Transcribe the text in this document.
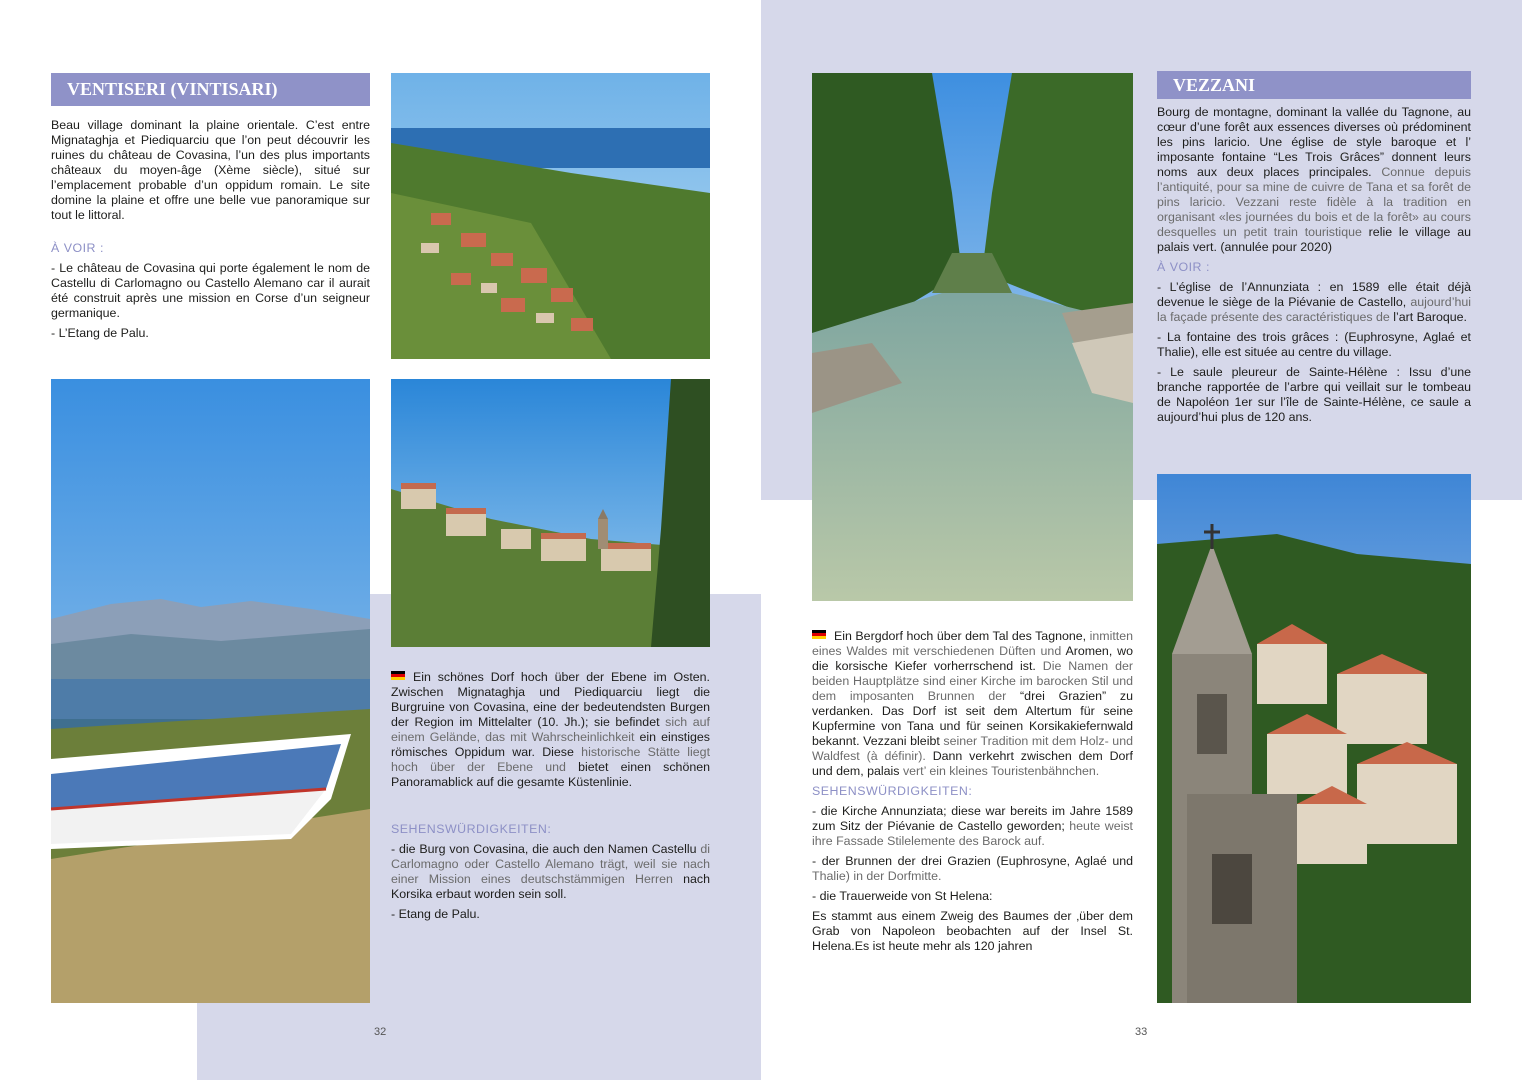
VENTISERI (VINTISARI)

Beau village dominant la plaine orientale. C’est entre Mignataghja et Piediquarciu que l’on peut découvrir les ruines du château de Covasina, l’un des plus importants châteaux du moyen-âge (Xème siècle), situé sur l’emplacement probable d’un oppidum romain. Le site domine la plaine et offre une belle vue panoramique sur tout le littoral.

À VOIR :

- Le château de Covasina qui porte également le nom de Castellu di Carlomagno ou Castello Alemano car il aurait été construit après une mission en Corse d’un seigneur germanique.

- L’Etang de Palu.

Ein schönes Dorf hoch über der Ebene im Osten. Zwischen Mignataghja und Piediquarciu liegt die Burgruine von Covasina, eine der bedeutendsten Burgen der Region im Mittelalter (10. Jh.); sie befindet sich auf einem Gelände, das mit Wahrscheinlichkeit ein einstiges römisches Oppidum war. Diese historische Stätte liegt hoch über der Ebene und bietet einen schönen Panoramablick auf die gesamte Küstenlinie.

SEHENSWÜRDIGKEITEN:

- die Burg von Covasina, die auch den Namen Castellu di Carlomagno oder Castello Alemano trägt, weil sie nach einer Mission eines deutschstämmigen Herren nach Korsika erbaut worden sein soll.

- Etang de Palu.

32
VEZZANI

Bourg de montagne, dominant la vallée du Tagnone, au cœur d’une forêt aux essences diverses où prédominent les pins laricio. Une église de style baroque et l’ imposante fontaine “Les Trois Grâces” donnent leurs noms aux deux places principales. Connue depuis l’antiquité, pour sa mine de cuivre de Tana et sa forêt de pins laricio. Vezzani reste fidèle à la tradition en organisant «les journées du bois et de la forêt» au cours desquelles un petit train touristique relie le village au palais vert. (annulée pour 2020)

À VOIR :

- L’église de l’Annunziata : en 1589 elle était déjà devenue le siège de la Piévanie de Castello, aujourd’hui la façade présente des caractéristiques de l’art Baroque.

- La fontaine des trois grâces : (Euphrosyne, Aglaé et Thalie), elle est située au centre du village.

- Le saule pleureur de Sainte-Hélène : Issu d’une branche rapportée de l’arbre qui veillait sur le tombeau de Napoléon 1er sur l’île de Sainte-Hélène, ce saule a aujourd’hui plus de 120 ans.

Ein Bergdorf hoch über dem Tal des Tagnone, inmitten eines Waldes mit verschiedenen Düften und Aromen, wo die korsische Kiefer vorherrschend ist. Die Namen der beiden Hauptplätze sind einer Kirche im barocken Stil und dem imposanten Brunnen der “drei Grazien” zu verdanken. Das Dorf ist seit dem Altertum für seine Kupfermine von Tana und für seinen Korsikakiefernwald bekannt. Vezzani bleibt seiner Tradition mit dem Holz- und Waldfest (à définir). Dann verkehrt zwischen dem Dorf und dem, palais vert’ ein kleines Touristenbähnchen.

SEHENSWÜRDIGKEITEN:

- die Kirche Annunziata; diese war bereits im Jahre 1589 zum Sitz der Piévanie de Castello geworden; heute weist ihre Fassade Stilelemente des Barock auf.

- der Brunnen der drei Grazien (Euphrosyne, Aglaé und Thalie) in der Dorfmitte.

- die Trauerweide von St Helena:

Es stammt aus einem Zweig des Baumes der ‚über dem Grab von Napoleon beobachten auf der Insel St. Helena.Es ist heute mehr als 120 jahren

33
